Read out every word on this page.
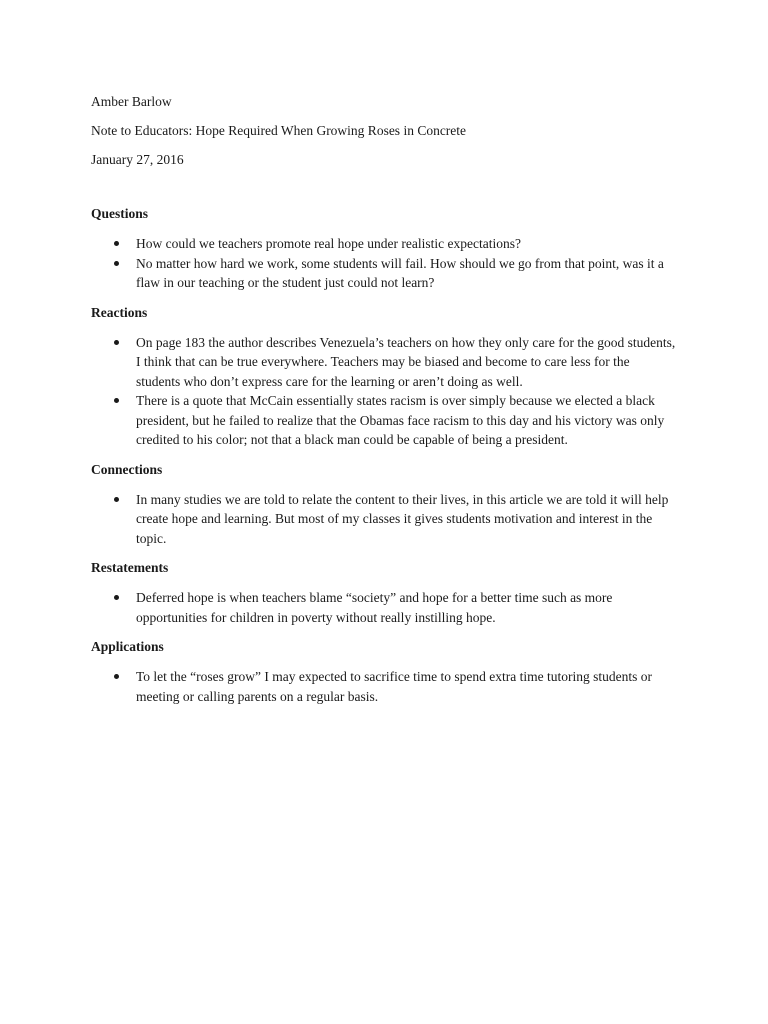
Amber Barlow

Note to Educators: Hope Required When Growing Roses in Concrete

January 27, 2016

Questions

How could we teachers promote real hope under realistic expectations?
No matter how hard we work, some students will fail. How should we go from that point, was it a flaw in our teaching or the student just could not learn?

Reactions

On page 183 the author describes Venezuela’s teachers on how they only care for the good students, I think that can be true everywhere. Teachers may be biased and become to care less for the students who don’t express care for the learning or aren’t doing as well.
There is a quote that McCain essentially states racism is over simply because we elected a black president, but he failed to realize that the Obamas face racism to this day and his victory was only credited to his color; not that a black man could be capable of being a president.

Connections

In many studies we are told to relate the content to their lives, in this article we are told it will help create hope and learning. But most of my classes it gives students motivation and interest in the topic.

Restatements

Deferred hope is when teachers blame “society” and hope for a better time such as more opportunities for children in poverty without really instilling hope.

Applications

To let the “roses grow” I may expected to sacrifice time to spend extra time tutoring students or meeting or calling parents on a regular basis.
